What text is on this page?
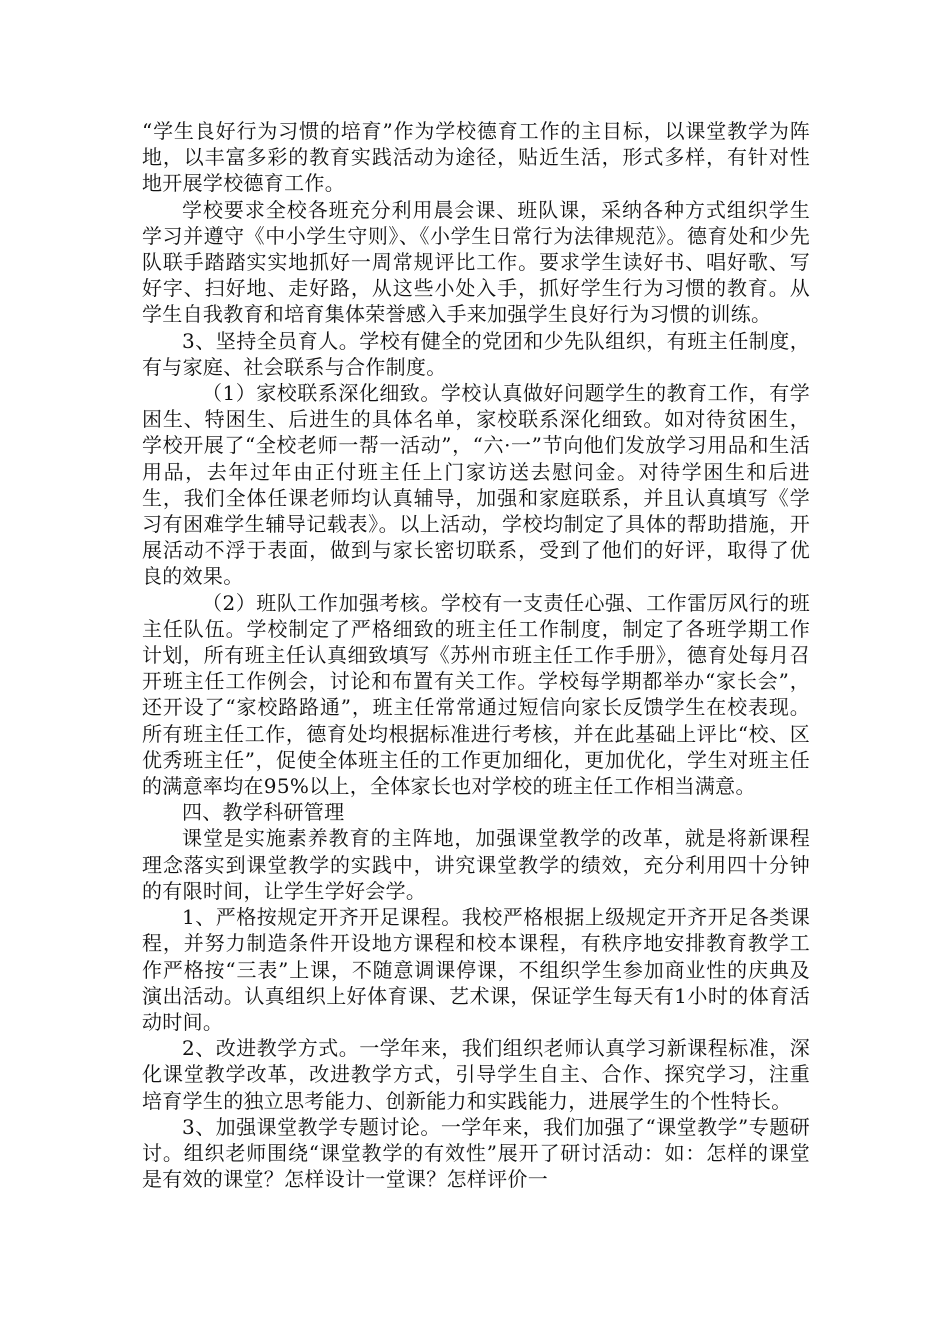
“学生良好行为习惯的培育”作为学校德育工作的主目标，以课堂教学为阵地，以丰富多彩的教育实践活动为途径，贴近生活，形式多样，有针对性地开展学校德育工作。

学校要求全校各班充分利用晨会课、班队课，采纳各种方式组织学生学习并遵守《中小学生守则》、《小学生日常行为法律规范》。德育处和少先队联手踏踏实实地抓好一周常规评比工作。要求学生读好书、唱好歌、写好字、扫好地、走好路，从这些小处入手，抓好学生行为习惯的教育。从学生自我教育和培育集体荣誉感入手来加强学生良好行为习惯的训练。

3、坚持全员育人。学校有健全的党团和少先队组织，有班主任制度，有与家庭、社会联系与合作制度。

（1）家校联系深化细致。学校认真做好问题学生的教育工作，有学困生、特困生、后进生的具体名单，家校联系深化细致。如对待贫困生，学校开展了“全校老师一帮一活动”，“六·一”节向他们发放学习用品和生活用品，去年过年由正付班主任上门家访送去慰问金。对待学困生和后进生，我们全体任课老师均认真辅导，加强和家庭联系，并且认真填写《学习有困难学生辅导记载表》。以上活动，学校均制定了具体的帮助措施，开展活动不浮于表面，做到与家长密切联系，受到了他们的好评，取得了优良的效果。

（2）班队工作加强考核。学校有一支责任心强、工作雷厉风行的班主任队伍。学校制定了严格细致的班主任工作制度，制定了各班学期工作计划，所有班主任认真细致填写《苏州市班主任工作手册》，德育处每月召开班主任工作例会，讨论和布置有关工作。学校每学期都举办“家长会”，还开设了“家校路路通”，班主任常常通过短信向家长反馈学生在校表现。所有班主任工作，德育处均根据标准进行考核，并在此基础上评比“校、区优秀班主任”，促使全体班主任的工作更加细化，更加优化，学生对班主任的满意率均在95%以上，全体家长也对学校的班主任工作相当满意。

四、教学科研管理

课堂是实施素养教育的主阵地，加强课堂教学的改革，就是将新课程理念落实到课堂教学的实践中，讲究课堂教学的绩效，充分利用四十分钟的有限时间，让学生学好会学。

1、严格按规定开齐开足课程。我校严格根据上级规定开齐开足各类课程，并努力制造条件开设地方课程和校本课程，有秩序地安排教育教学工作严格按“三表”上课，不随意调课停课，不组织学生参加商业性的庆典及演出活动。认真组织上好体育课、艺术课，保证学生每天有1小时的体育活动时间。

2、改进教学方式。一学年来，我们组织老师认真学习新课程标准，深化课堂教学改革，改进教学方式，引导学生自主、合作、探究学习，注重培育学生的独立思考能力、创新能力和实践能力，进展学生的个性特长。

3、加强课堂教学专题讨论。一学年来，我们加强了“课堂教学”专题研讨。组织老师围绕“课堂教学的有效性”展开了研讨活动：如：怎样的课堂是有效的课堂？怎样设计一堂课？怎样评价一
